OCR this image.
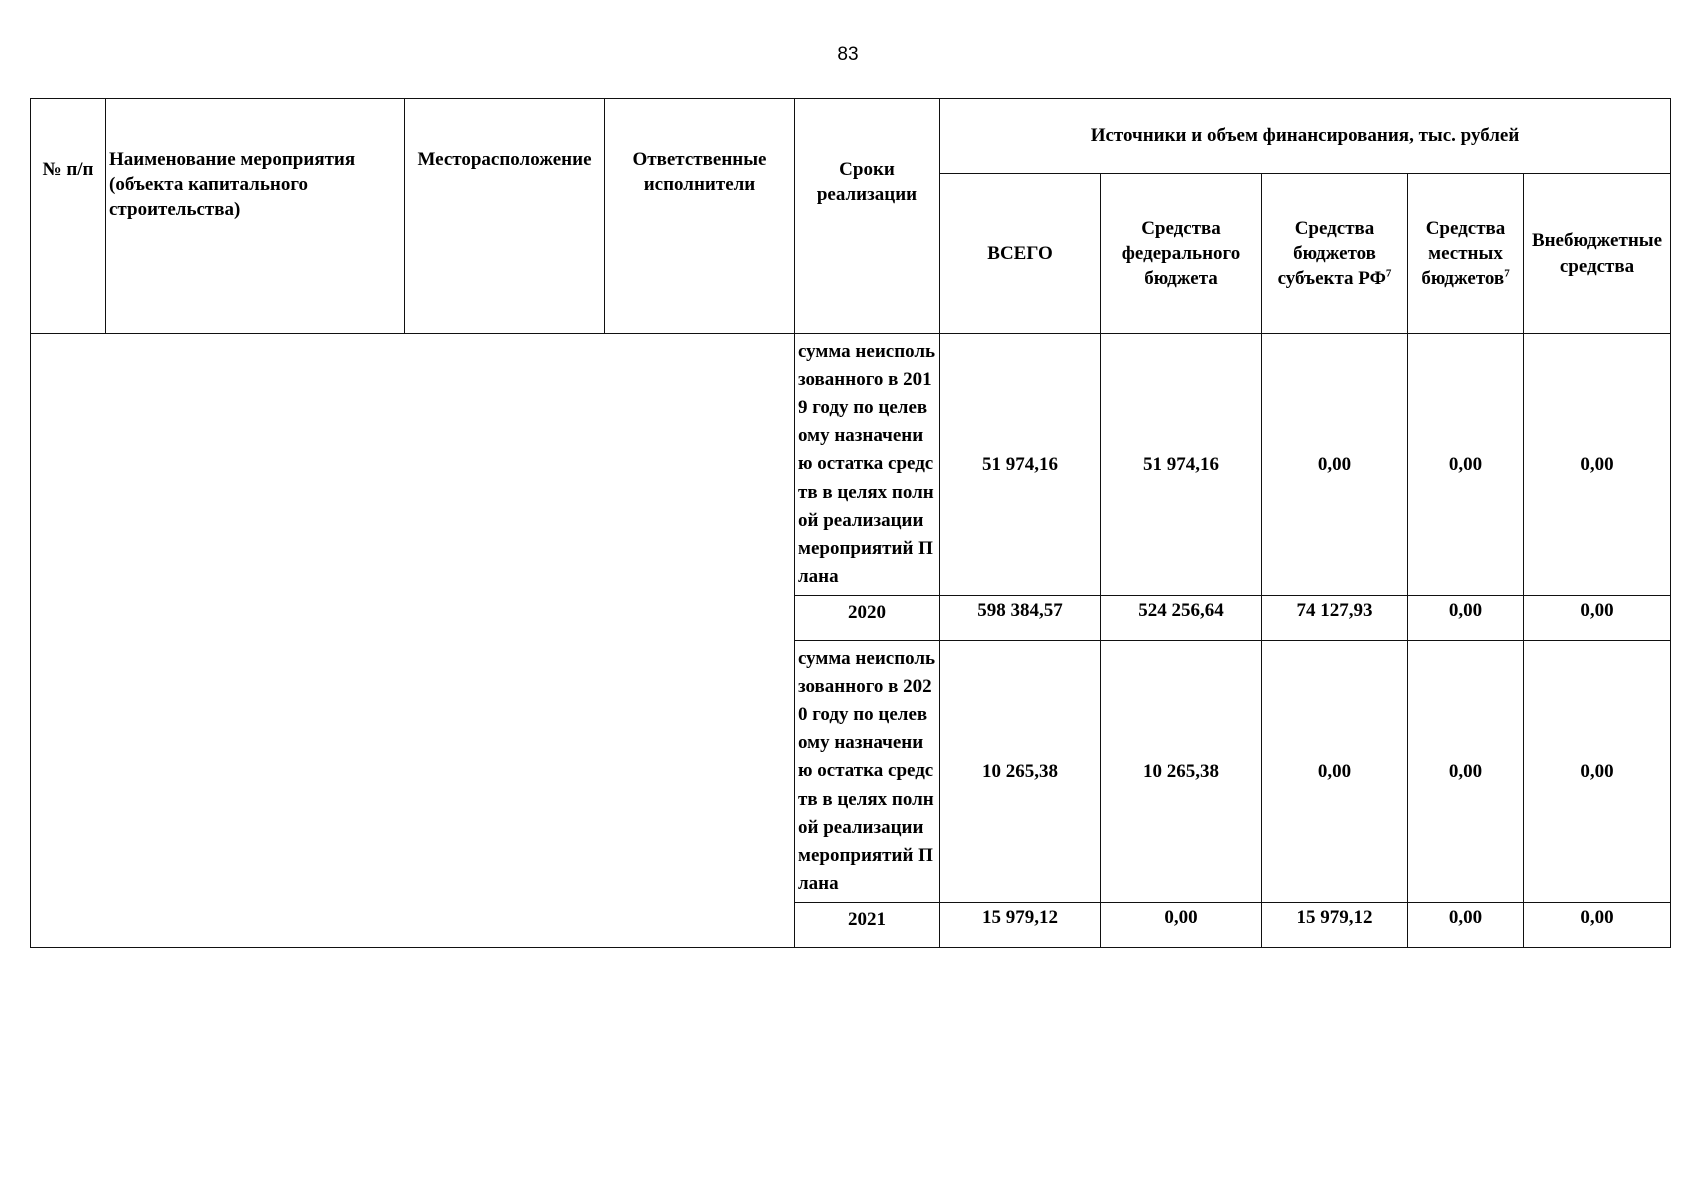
83
№ п/п	Наименование мероприятия (объекта капитального строительства)	Месторасположение	Ответственные исполнители	Сроки реализации	Источники и объем финансирования, тыс. рублей				
					ВСЕГО	Средства федерального бюджета	Средства бюджетов субъекта $РФ^7$	Средства местных бюджетов$^7$	Внебюджетные средства
				сумма неиспользованного в 2019 году по целевому назначению остатка средств в целях полной реализации мероприятий Плана	51 974,16	51 974,16	0,00	0,00	0,00
				2020	598 384,57	524 256,64	74 127,93	0,00	0,00
				сумма неиспользованного в 2020 году по целевому назначению остатка средств в целях полной реализации мероприятий Плана	10 265,38	10 265,38	0,00	0,00	0,00
				2021	15 979,12	0,00	15 979,12	0,00	0,00
